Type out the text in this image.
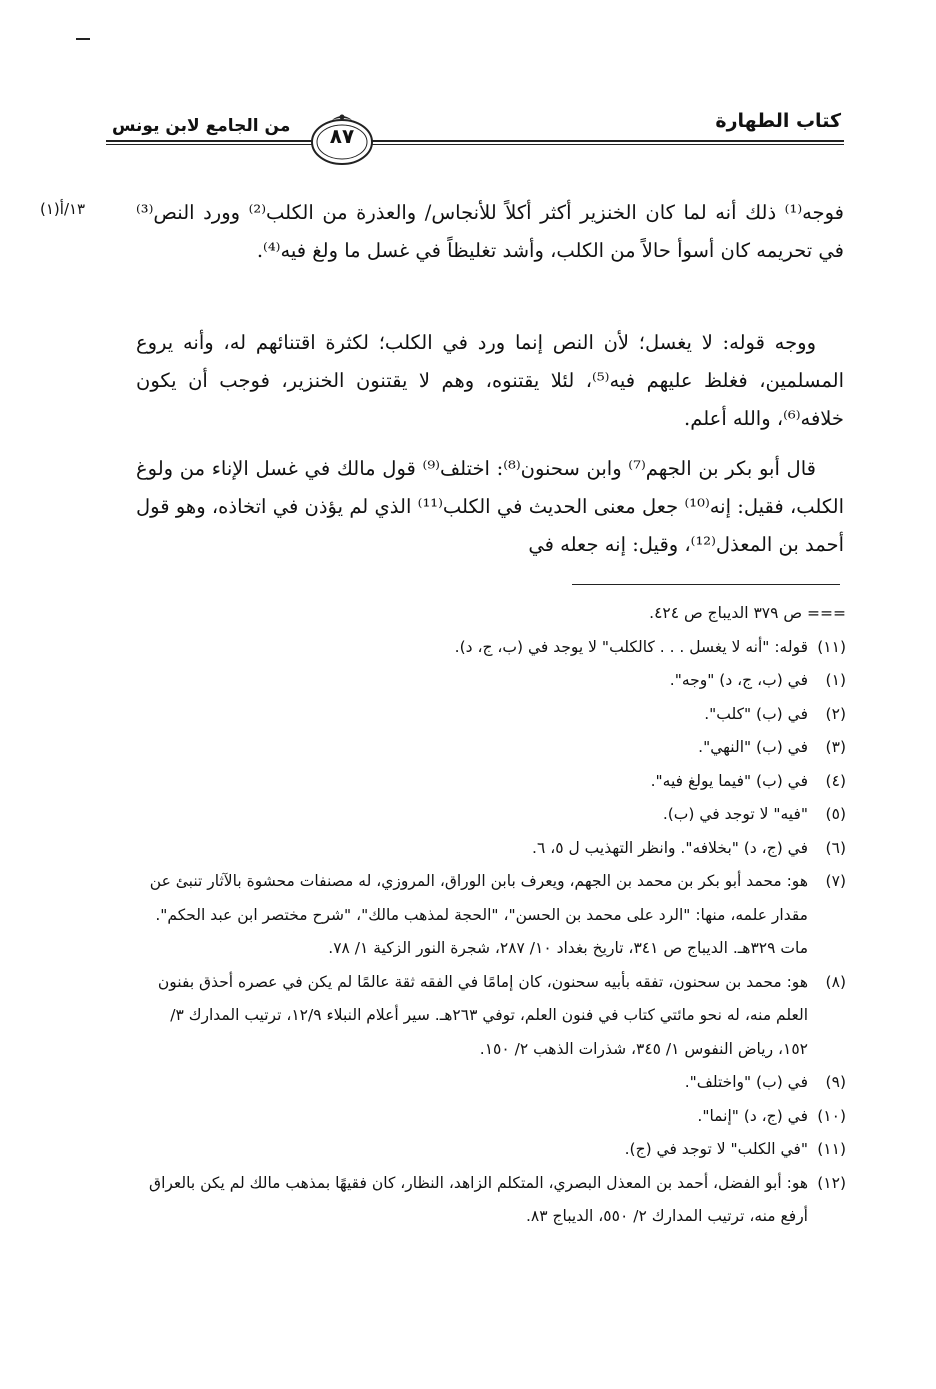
كتاب الطهارة
من الجامع لابن يونس	٨٧
١٣/أ(١)	فوجه⁽¹⁾ ذلك أنه لما كان الخنزير أكثر أكلاً للأنجاس/ والعذرة من الكلب⁽²⁾ وورد النص⁽³⁾ في تحريمه كان أسوأ حالاً من الكلب، وأشد تغليظاً في غسل ما ولغ فيه⁽⁴⁾.

ووجه قوله: لا يغسل؛ لأن النص إنما ورد في الكلب؛ لكثرة اقتنائهم له، وأنه يروع المسلمين، فغلظ عليهم فيه⁽⁵⁾، لئلا يقتنوه، وهم لا يقتنون الخنزير، فوجب أن يكون خلافه⁽⁶⁾، والله أعلم.

قال أبو بكر بن الجهم⁽⁷⁾ وابن سحنون⁽⁸⁾: اختلف⁽⁹⁾ قول مالك في غسل الإناء من ولوغ الكلب، فقيل: إنه⁽¹⁰⁾ جعل معنى الحديث في الكلب⁽¹¹⁾ الذي لم يؤذن في اتخاذه، وهو قول أحمد بن المعذل⁽¹²⁾، وقيل: إنه جعله في

=== ص ٣٧٩ الديباج ص ٤٢٤.
(١١)
قوله: "أنه لا يغسل . . . كالكلب" لا يوجد في (ب، ج، د).
(١)
في (ب، ج، د) "وجه".
(٢)
في (ب) "كلب".
(٣)
في (ب) "النهي".
(٤)
في (ب) "فيما يولغ فيه".
(٥)
"فيه" لا توجد في (ب).
(٦)
في (ج، د) "بخلافه". وانظر التهذيب ل ٥، ٦.
(٧)
هو: محمد أبو بكر بن محمد بن الجهم، ويعرف بابن الوراق، المروزي، له مصنفات محشوة بالآثار تنبئ عن مقدار علمه، منها: "الرد على محمد بن الحسن"، "الحجة لمذهب مالك"، "شرح مختصر ابن عبد الحكم". مات ٣٢٩هـ. الديباج ص ٣٤١، تاريخ بغداد ١٠/ ٢٨٧، شجرة النور الزكية ١/ ٧٨.
(٨)
هو: محمد بن سحنون، تفقه بأبيه سحنون، كان إمامًا في الفقه ثقة عالمًا لم يكن في عصره أحذق بفنون العلم منه، له نحو مائتي كتاب في فنون العلم، توفي ٢٦٣هـ. سير أعلام النبلاء ١٢/٩، ترتيب المدارك ٣/ ١٥٢، رياض النفوس ١/ ٣٤٥، شذرات الذهب ٢/ ١٥٠.
(٩)
في (ب) "واختلف".
(١٠)
في (ج، د) "إنما".
(١١)
"في الكلب" لا توجد في (ج).
(١٢)
هو: أبو الفضل، أحمد بن المعذل البصري، المتكلم الزاهد، النظار، كان فقيهًا بمذهب مالك لم يكن بالعراق أرفع منه، ترتيب المدارك ٢/ ٥٥٠، الديباج ٨٣.
